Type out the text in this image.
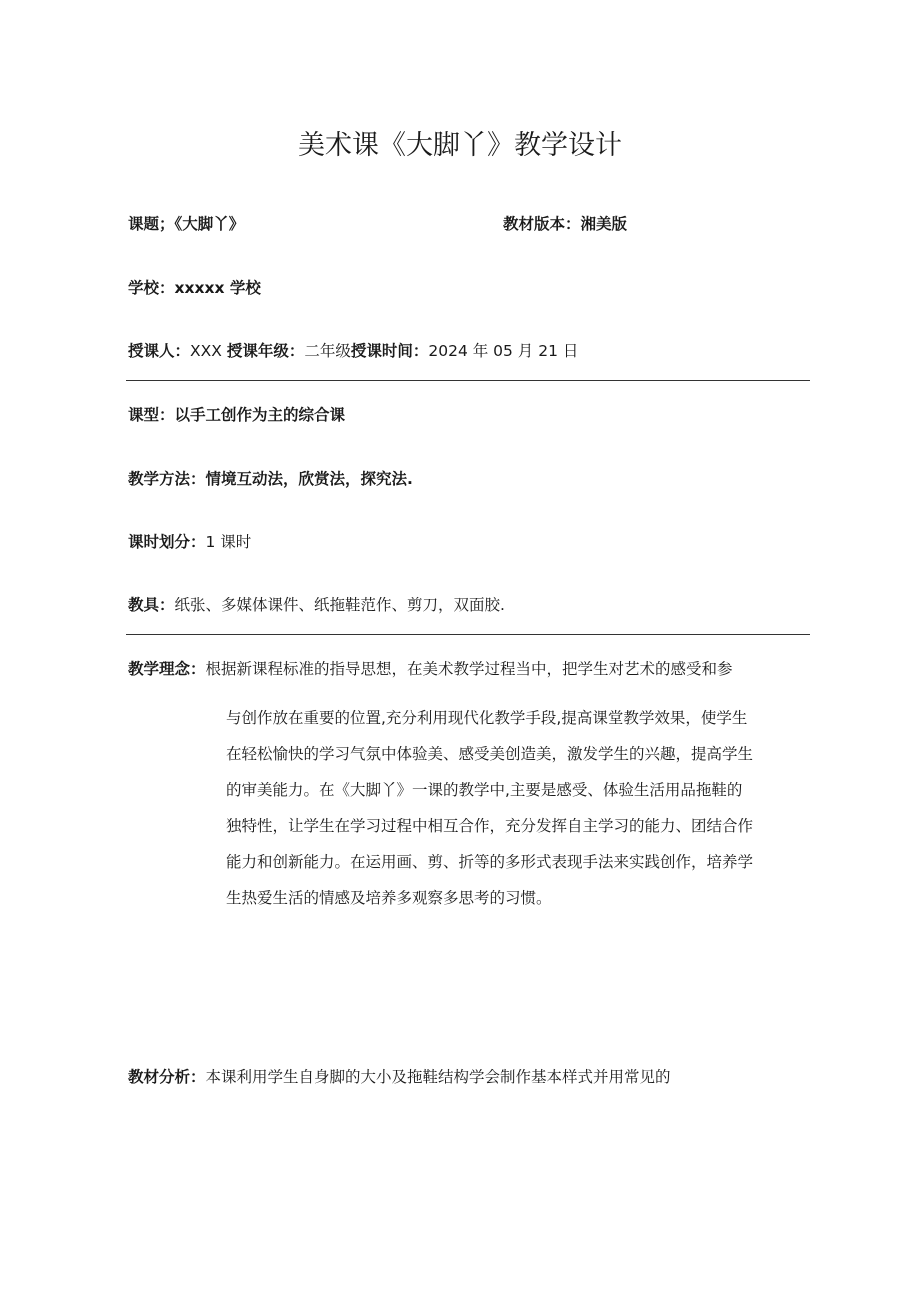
美术课《大脚丫》教学设计
课题；《大脚丫》	教材版本：湘美版
学校：xxxxx 学校
授课人：XXX 授课年级：二年级授课时间：2024 年 05 月 21 日
课型：以手工创作为主的综合课
教学方法：情境互动法，欣赏法，探究法.
课时划分：1 课时
教具：纸张、多媒体课件、纸拖鞋范作、剪刀，双面胶.
教学理念：根据新课程标准的指导思想，在美术教学过程当中，把学生对艺术的感受和参
与创作放在重要的位置,充分利用现代化教学手段,提高课堂教学效果，使学生
在轻松愉快的学习气氛中体验美、感受美创造美，激发学生的兴趣，提高学生
的审美能力。在《大脚丫》一课的教学中,主要是感受、体验生活用品拖鞋的
独特性，让学生在学习过程中相互合作，充分发挥自主学习的能力、团结合作
能力和创新能力。在运用画、剪、折等的多形式表现手法来实践创作，培养学
生热爱生活的情感及培养多观察多思考的习惯。
教材分析：本课利用学生自身脚的大小及拖鞋结构学会制作基本样式并用常见的
